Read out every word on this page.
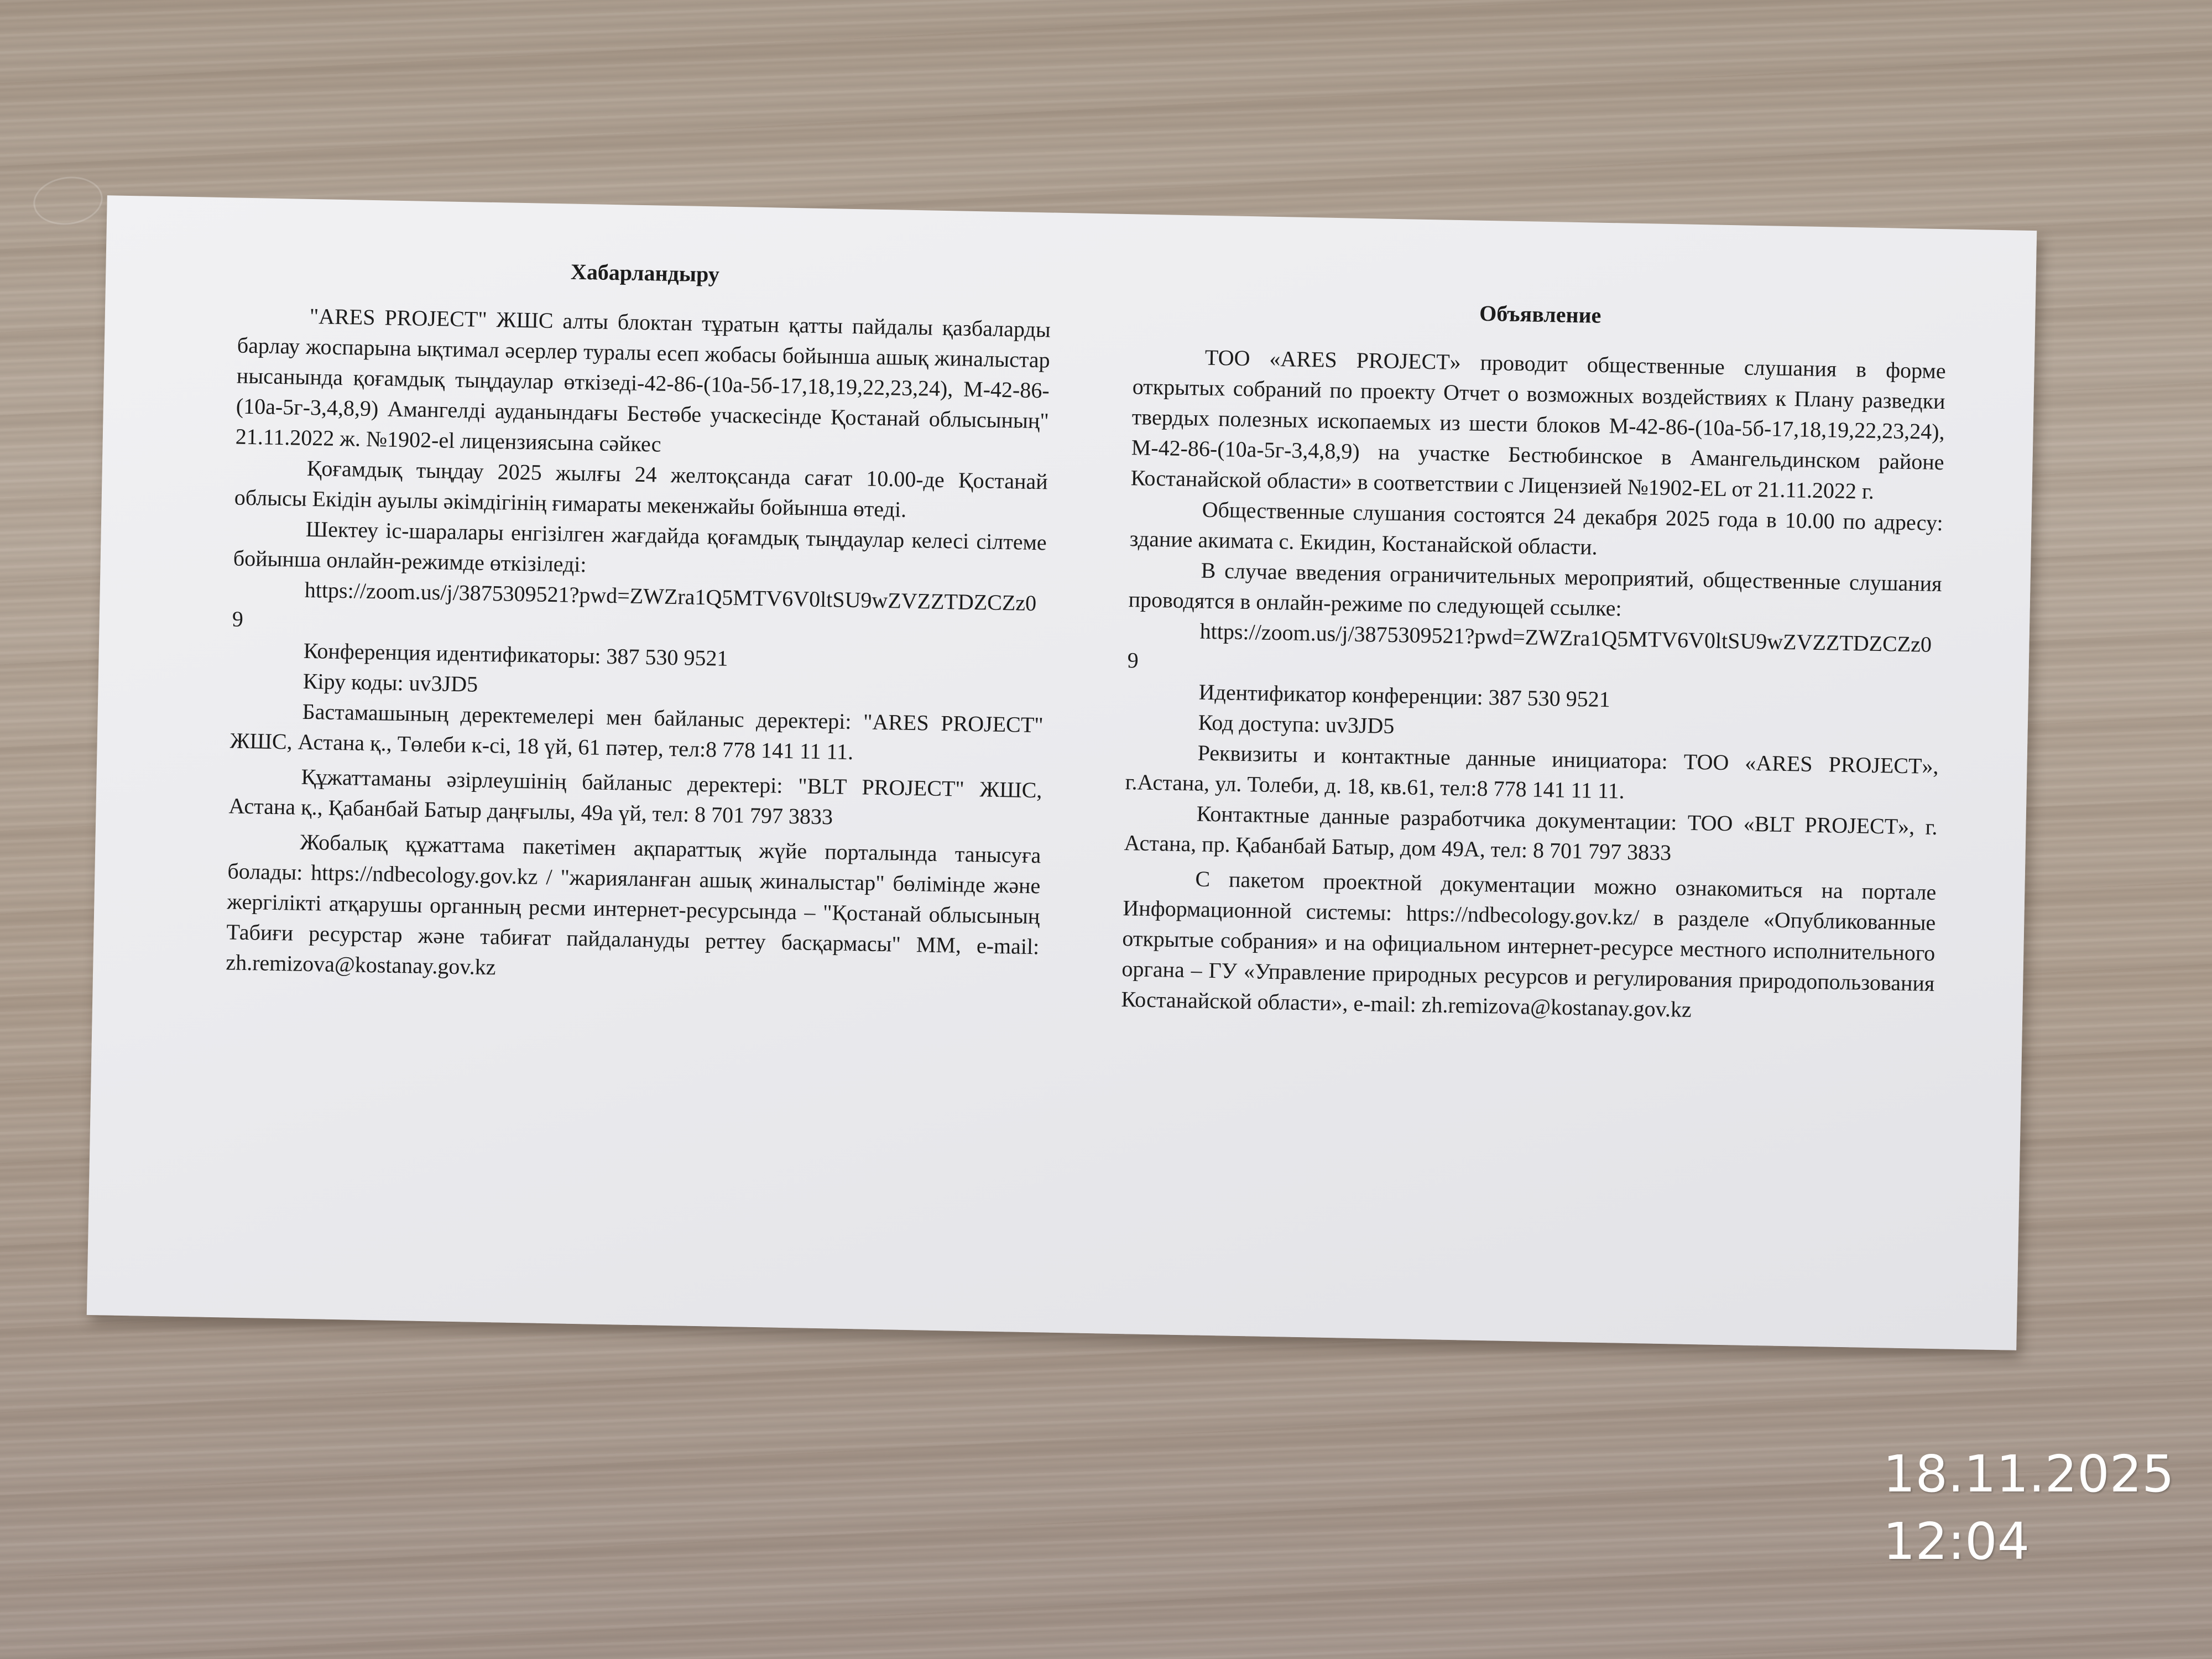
Хабарландыру

"ARES PROJECT" ЖШС алты блоктан тұратын қатты пайдалы қазбаларды барлау жоспарына ықтимал әсерлер туралы есеп жобасы бойынша ашық жиналыстар нысанында қоғамдық тыңдаулар өткізеді-42-86-(10а-5б-17,18,19,22,23,24), М-42-86-(10а-5г-3,4,8,9) Амангелді ауданындағы Бестөбе учаскесінде Қостанай облысының" 21.11.2022 ж. №1902-el лицензиясына сәйкес

Қоғамдық тыңдау 2025 жылғы 24 желтоқсанда сағат 10.00-де Қостанай облысы Екідін ауылы әкімдігінің ғимараты мекенжайы бойынша өтеді.

Шектеу іс-шаралары енгізілген жағдайда қоғамдық тыңдаулар келесі сілтеме бойынша онлайн-режимде өткізіледі:

https://zoom.us/j/3875309521?pwd=ZWZra1Q5MTV6V0ltSU9wZVZZTDZCZz09

Конференция идентификаторы: 387 530 9521

Кіру коды: uv3JD5

Бастамашының деректемелері мен байланыс деректері: "ARES PROJECT" ЖШС, Астана қ., Төлеби к-сі, 18 үй, 61 пәтер, тел:8 778 141 11 11.

Құжаттаманы әзірлеушінің байланыс деректері: "BLT PROJECT" ЖШС, Астана қ., Қабанбай Батыр даңғылы, 49а үй, тел: 8 701 797 3833

Жобалық құжаттама пакетімен ақпараттық жүйе порталында танысуға болады: https://ndbecology.gov.kz / "жарияланған ашық жиналыстар" бөлімінде және жергілікті атқарушы органның ресми интернет-ресурсында – "Қостанай облысының Табиғи ресурстар және табиғат пайдалануды реттеу басқармасы" ММ, e-mail: zh.remizova@kostanay.gov.kz

Объявление

ТОО «ARES PROJECT» проводит общественные слушания в форме открытых собраний по проекту Отчет о возможных воздействиях к Плану разведки твердых полезных ископаемых из шести блоков М-42-86-(10а-5б-17,18,19,22,23,24), М-42-86-(10а-5г-3,4,8,9) на участке Бестюбинское в Амангельдинском районе Костанайской области» в соответствии с Лицензией №1902-EL от 21.11.2022 г.

Общественные слушания состоятся 24 декабря 2025 года в 10.00 по адресу: здание акимата с. Екидин, Костанайской области.

В случае введения ограничительных мероприятий, общественные слушания проводятся в онлайн-режиме по следующей ссылке:

https://zoom.us/j/3875309521?pwd=ZWZra1Q5MTV6V0ltSU9wZVZZTDZCZz09

Идентификатор конференции: 387 530 9521

Код доступа: uv3JD5

Реквизиты и контактные данные инициатора: ТОО «ARES PROJECT», г.Астана, ул. Толеби, д. 18, кв.61, тел:8 778 141 11 11.

Контактные данные разработчика документации: ТОО «BLT PROJECT», г. Астана, пр. Қабанбай Батыр, дом 49А, тел: 8 701 797 3833

С пакетом проектной документации можно ознакомиться на портале Информационной системы: https://ndbecology.gov.kz/ в разделе «Опубликованные открытые собрания» и на официальном интернет-ресурсе местного исполнительного органа – ГУ «Управление природных ресурсов и регулирования природопользования Костанайской области», e-mail: zh.remizova@kostanay.gov.kz

18.11.2025
12:04
